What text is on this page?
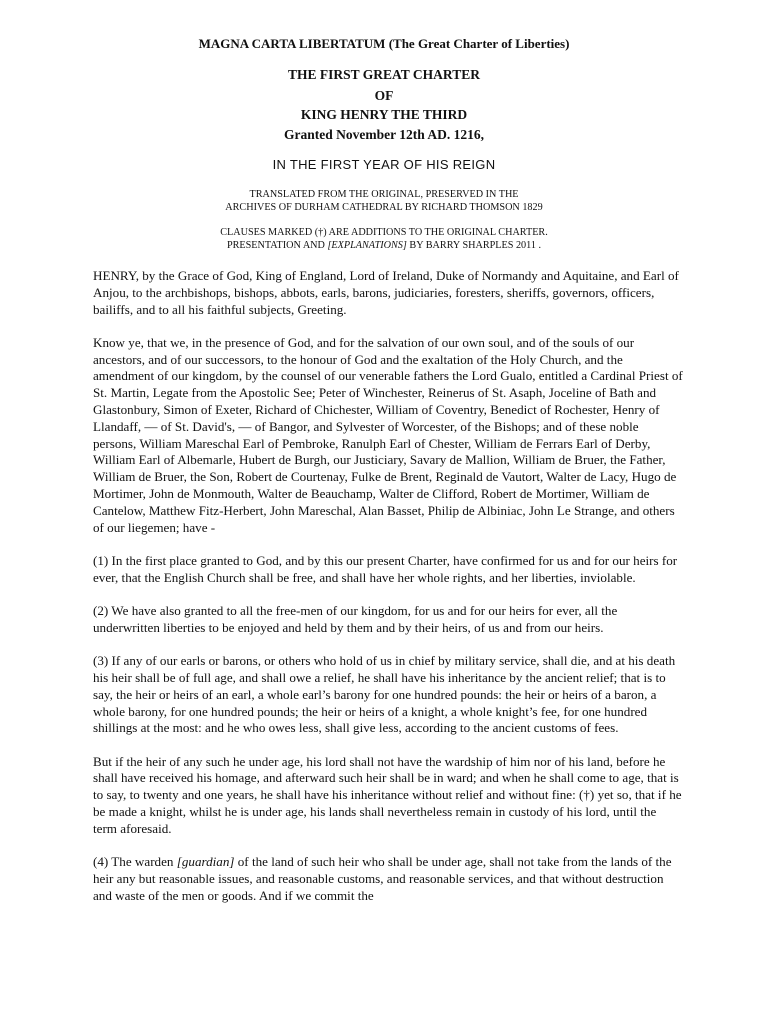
MAGNA CARTA LIBERTATUM (The Great Charter of Liberties)
THE FIRST GREAT CHARTER
OF
KING HENRY THE THIRD
Granted November 12th AD. 1216,
IN THE FIRST YEAR OF HIS REIGN
TRANSLATED FROM THE ORIGINAL, PRESERVED IN THE
ARCHIVES OF DURHAM CATHEDRAL BY RICHARD THOMSON 1829
CLAUSES MARKED (†) ARE ADDITIONS TO THE ORIGINAL CHARTER.
PRESENTATION AND [EXPLANATIONS] BY BARRY SHARPLES 2011 .

HENRY, by the Grace of God, King of England, Lord of Ireland, Duke of Normandy and Aquitaine, and Earl of Anjou, to the archbishops, bishops, abbots, earls, barons, judiciaries, foresters, sheriffs, governors, officers, bailiffs, and to all his faithful subjects, Greeting.

Know ye, that we, in the presence of God, and for the salvation of our own soul, and of the souls of our ancestors, and of our successors, to the honour of God and the exaltation of the Holy Church, and the amendment of our kingdom, by the counsel of our venerable fathers the Lord Gualo, entitled a Cardinal Priest of St. Martin, Legate from the Apostolic See; Peter of Winchester, Reinerus of St. Asaph, Joceline of Bath and Glastonbury, Simon of Exeter, Richard of Chichester, William of Coventry, Benedict of Rochester, Henry of Llandaff, — of St. David's, — of Bangor, and Sylvester of Worcester, of the Bishops; and of these noble persons, William Mareschal Earl of Pembroke, Ranulph Earl of Chester, William de Ferrars Earl of Derby, William Earl of Albemarle, Hubert de Burgh, our Justiciary, Savary de Mallion, William de Bruer, the Father, William de Bruer, the Son, Robert de Courtenay, Fulke de Brent, Reginald de Vautort, Walter de Lacy, Hugo de Mortimer, John de Monmouth, Walter de Beauchamp, Walter de Clifford, Robert de Mortimer, William de Cantelow, Matthew Fitz-Herbert, John Mareschal, Alan Basset, Philip de Albiniac, John Le Strange, and others of our liegemen; have -

(1) In the first place granted to God, and by this our present Charter, have confirmed for us and for our heirs for ever, that the English Church shall be free, and shall have her whole rights, and her liberties, inviolable.

(2) We have also granted to all the free-men of our kingdom, for us and for our heirs for ever, all the underwritten liberties to be enjoyed and held by them and by their heirs, of us and from our heirs.

(3) If any of our earls or barons, or others who hold of us in chief by military service, shall die, and at his death his heir shall be of full age, and shall owe a relief, he shall have his inheritance by the ancient relief; that is to say, the heir or heirs of an earl, a whole earl’s barony for one hundred pounds: the heir or heirs of a baron, a whole barony, for one hundred pounds; the heir or heirs of a knight, a whole knight’s fee, for one hundred shillings at the most: and he who owes less, shall give less, according to the ancient customs of fees.

But if the heir of any such he under age, his lord shall not have the wardship of him nor of his land, before he shall have received his homage, and afterward such heir shall be in ward; and when he shall come to age, that is to say, to twenty and one years, he shall have his inheritance without relief and without fine: (†) yet so, that if he be made a knight, whilst he is under age, his lands shall nevertheless remain in custody of his lord, until the term aforesaid.

(4) The warden [guardian] of the land of such heir who shall be under age, shall not take from the lands of the heir any but reasonable issues, and reasonable customs, and reasonable services, and that without destruction and waste of the men or goods. And if we commit the
